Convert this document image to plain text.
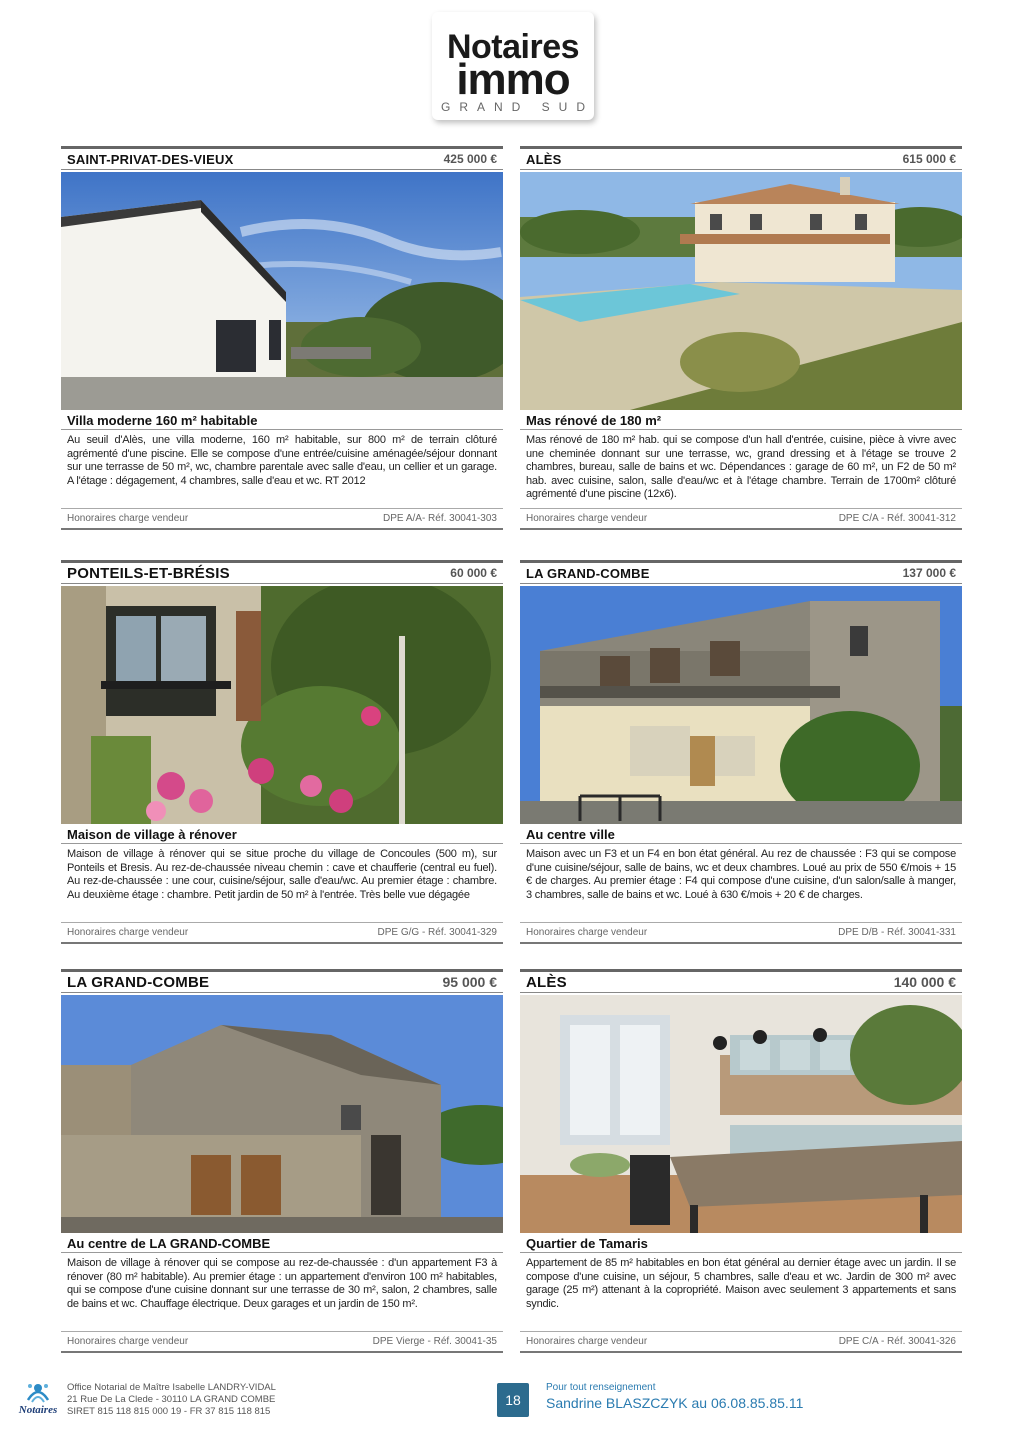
Notaires
immo
GRAND SUD
SAINT-PRIVAT-DES-VIEUX	425 000 €
Villa moderne 160 m² habitable
Au seuil d'Alès, une villa moderne, 160 m² habitable, sur 800 m² de terrain clôturé agrémenté d'une piscine. Elle se compose d'une entrée/cuisine aménagée/séjour donnant sur une terrasse de 50 m², wc, chambre parentale avec salle d'eau, un cellier et un garage. A l'étage : dégagement, 4 chambres, salle d'eau et wc. RT 2012
Honoraires charge vendeur	DPE A/A- Réf. 30041-303
ALÈS	615 000 €
Mas rénové de 180 m²
Mas rénové de 180 m² hab. qui se compose d'un hall d'entrée, cuisine, pièce à vivre avec une cheminée donnant sur une terrasse, wc, grand dressing et à l'étage se trouve 2 chambres, bureau, salle de bains et wc. Dépendances : garage de 60 m², un F2 de 50 m² hab. avec cuisine, salon, salle d'eau/wc et à l'étage chambre. Terrain de 1700m² clôturé agrémenté d'une piscine (12x6).
Honoraires charge vendeur	DPE C/A - Réf. 30041-312
PONTEILS-ET-BRÉSIS	60 000 €
Maison de village à rénover
Maison de village à rénover qui se situe proche du village de Concoules (500 m), sur Ponteils et Bresis. Au rez-de-chaussée niveau chemin : cave et chaufferie (central eu fuel). Au rez-de-chaussée : une cour, cuisine/séjour, salle d'eau/wc. Au premier étage : chambre. Au deuxième étage : chambre. Petit jardin de 50 m² à l'entrée. Très belle vue dégagée
Honoraires charge vendeur	DPE G/G - Réf. 30041-329
LA GRAND-COMBE	137 000 €
Au centre ville
Maison avec un F3 et un F4 en bon état général. Au rez de chaussée : F3 qui se compose d'une cuisine/séjour, salle de bains, wc et deux chambres. Loué au prix de 550 €/mois + 15 € de charges. Au premier étage : F4 qui compose d'une cuisine, d'un salon/salle à manger, 3 chambres, salle de bains et wc. Loué à 630 €/mois + 20 € de charges.
Honoraires charge vendeur	DPE D/B - Réf. 30041-331
LA GRAND-COMBE	95 000 €
Au centre de LA GRAND-COMBE
Maison de village à rénover qui se compose au rez-de-chaussée : d'un appartement F3 à rénover (80 m² habitable). Au premier étage : un appartement d'environ 100 m² habitables, qui se compose d'une cuisine donnant sur une terrasse de 30 m², salon, 2 chambres, salle de bains et wc. Chauffage électrique. Deux garages et un jardin de 150 m².
Honoraires charge vendeur	DPE Vierge - Réf. 30041-35
ALÈS	140 000 €
Quartier de Tamaris
Appartement de 85 m² habitables en bon état général au dernier étage avec un jardin. Il se compose d'une cuisine, un séjour, 5 chambres, salle d'eau et wc. Jardin de 300 m² avec garage (25 m²) attenant à la copropriété. Maison avec seulement 3 appartements et sans syndic.
Honoraires charge vendeur	DPE C/A - Réf. 30041-326
Notaires
Office Notarial de Maître Isabelle LANDRY-VIDAL
21 Rue De La Clede - 30110 LA GRAND COMBE
SIRET 815 118 815 000 19 - FR 37 815 118 815
18
Pour tout renseignement
Sandrine BLASZCZYK au 06.08.85.85.11
